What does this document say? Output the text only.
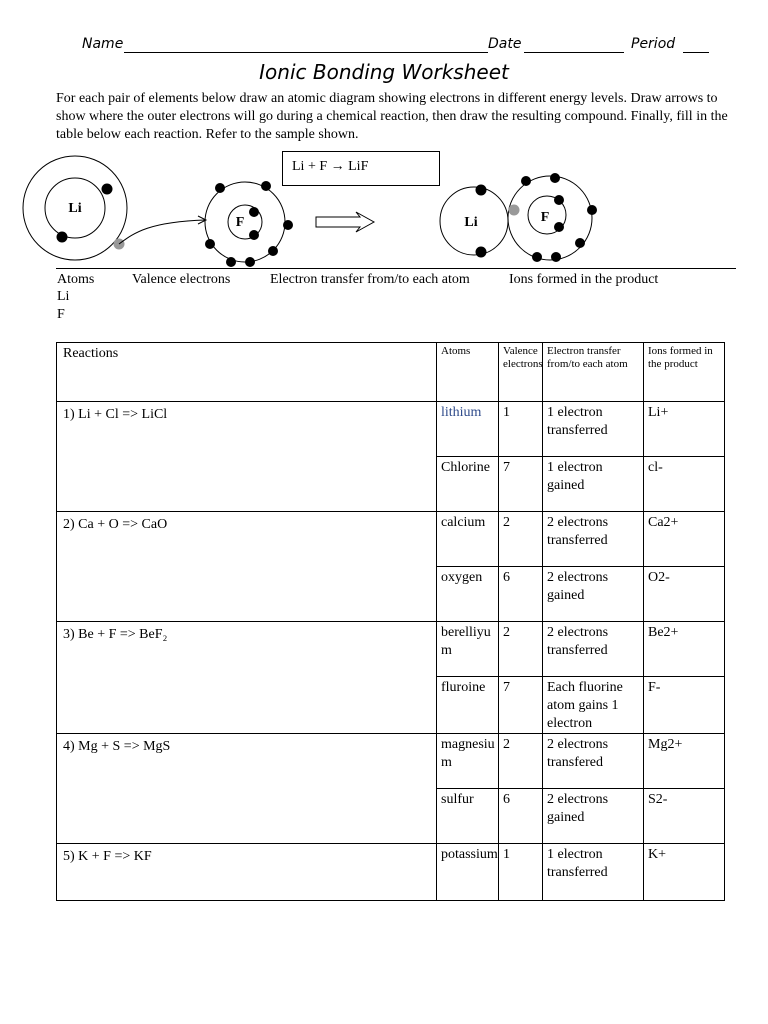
Name	Date	Period
Ionic Bonding Worksheet
For each pair of elements below draw an atomic diagram showing electrons in different energy levels. Draw arrows to show where the outer electrons will go during a chemical reaction, then draw the resulting compound. Finally, fill in the table below each reaction. Refer to the sample shown.
Li
F	Li	F
Li + F → LiF
Atoms	Valence electrons	Electron transfer from/to each atom	Ions formed in the product
Li
F
Reactions	Atoms	Valence electrons	Electron transfer from/to each atom	Ions formed in the product
1) Li + Cl => LiCl	lithium	1	1 electron transferred	Li+
	Chlorine	7	1 electron gained	cl-
2) Ca + O => CaO	calcium	2	2 electrons transferred	Ca2+
	oxygen	6	2 electrons gained	O2-
3) Be + F => BeF₂	berelliyum	2	2 electrons transferred	Be2+
	fluroine	7	Each fluorine atom gains 1 electron	F-
4) Mg + S => MgS	magnesium	2	2 electrons transfered	Mg2+
	sulfur	6	2 electrons gained	S2-
5) K + F => KF	potassium	1	1 electron transferred	K+
